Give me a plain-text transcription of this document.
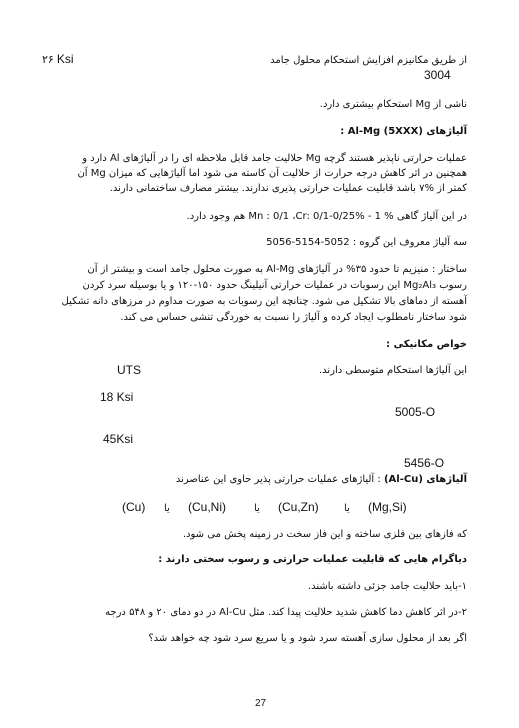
۲۶ Ksi	از طریق مکانیزم افزایش استحکام محلول جامد
3004
ناشی از Mg استحکام بیشتری دارد.
آلیاژهای (5XXX) Al-Mg :
عملیات حرارتی ناپذیر هستند گرچه Mg حلالیت جامد قابل ملاحظه ای را در آلیاژهای Al دارد و
همچنین در اثر کاهش درجه حرارت از حلالیت آن کاسته می شود اما آلیاژهایی که میزان Mg آن
کمتر از %۷ باشد قابلیت عملیات حرارتی پذیری ندارند. بیشتر مصارف ساختمانی دارند.
در این آلیاژ گاهی % 1 - Mn : 0/1 ،Cr: 0/1-0/25% هم وجود دارد.
سه آلیاژ معروف این گروه : 5052-5154-5056
ساختار : منیزیم تا حدود ۳۵% در آلیاژهای Al-Mg به صورت محلول جامد است و بیشتر از آن
رسوب Mg₂Al₃ این رسوبات در عملیات حرارتی آنیلینگ حدود ۱۵۰-۱۲۰ و یا بوسیله سرد کردن
آهسته از دماهای بالا تشکیل می شود. چنانچه این رسوبات به صورت مداوم در مرزهای دانه تشکیل
شود ساختار نامطلوب ایجاد کرده و آلیاژ را نسبت به خوردگی تنشی حساس می کند.
خواص مکانیکی :
این آلیاژها استحکام متوسطی دارند.
UTS
18 Ksi
5005-O
45Ksi
5456-O
آلیاژهای (Al-Cu) : آلیاژهای عملیات حرارتی پذیر حاوی این عناصرند
(Mg,Si)
یا
(Cu,Zn)
یا
(Cu,Ni)
یا
(Cu)
که فازهای بین فلزی ساخته و این فاز سخت در زمینه پخش می شود.
دیاگرام هایی که قابلیت عملیات حرارتی و رسوب سختی دارند :
۱-باید حلالیت جامد جزئی داشته باشند.
۲-در اثر کاهش دما کاهش شدید حلالیت پیدا کند. مثل Al-Cu در دو دمای ۲۰ و ۵۴۸ درجه
اگر بعد از محلول سازی آهسته سرد شود و یا سریع سرد شود چه خواهد شد؟
27
